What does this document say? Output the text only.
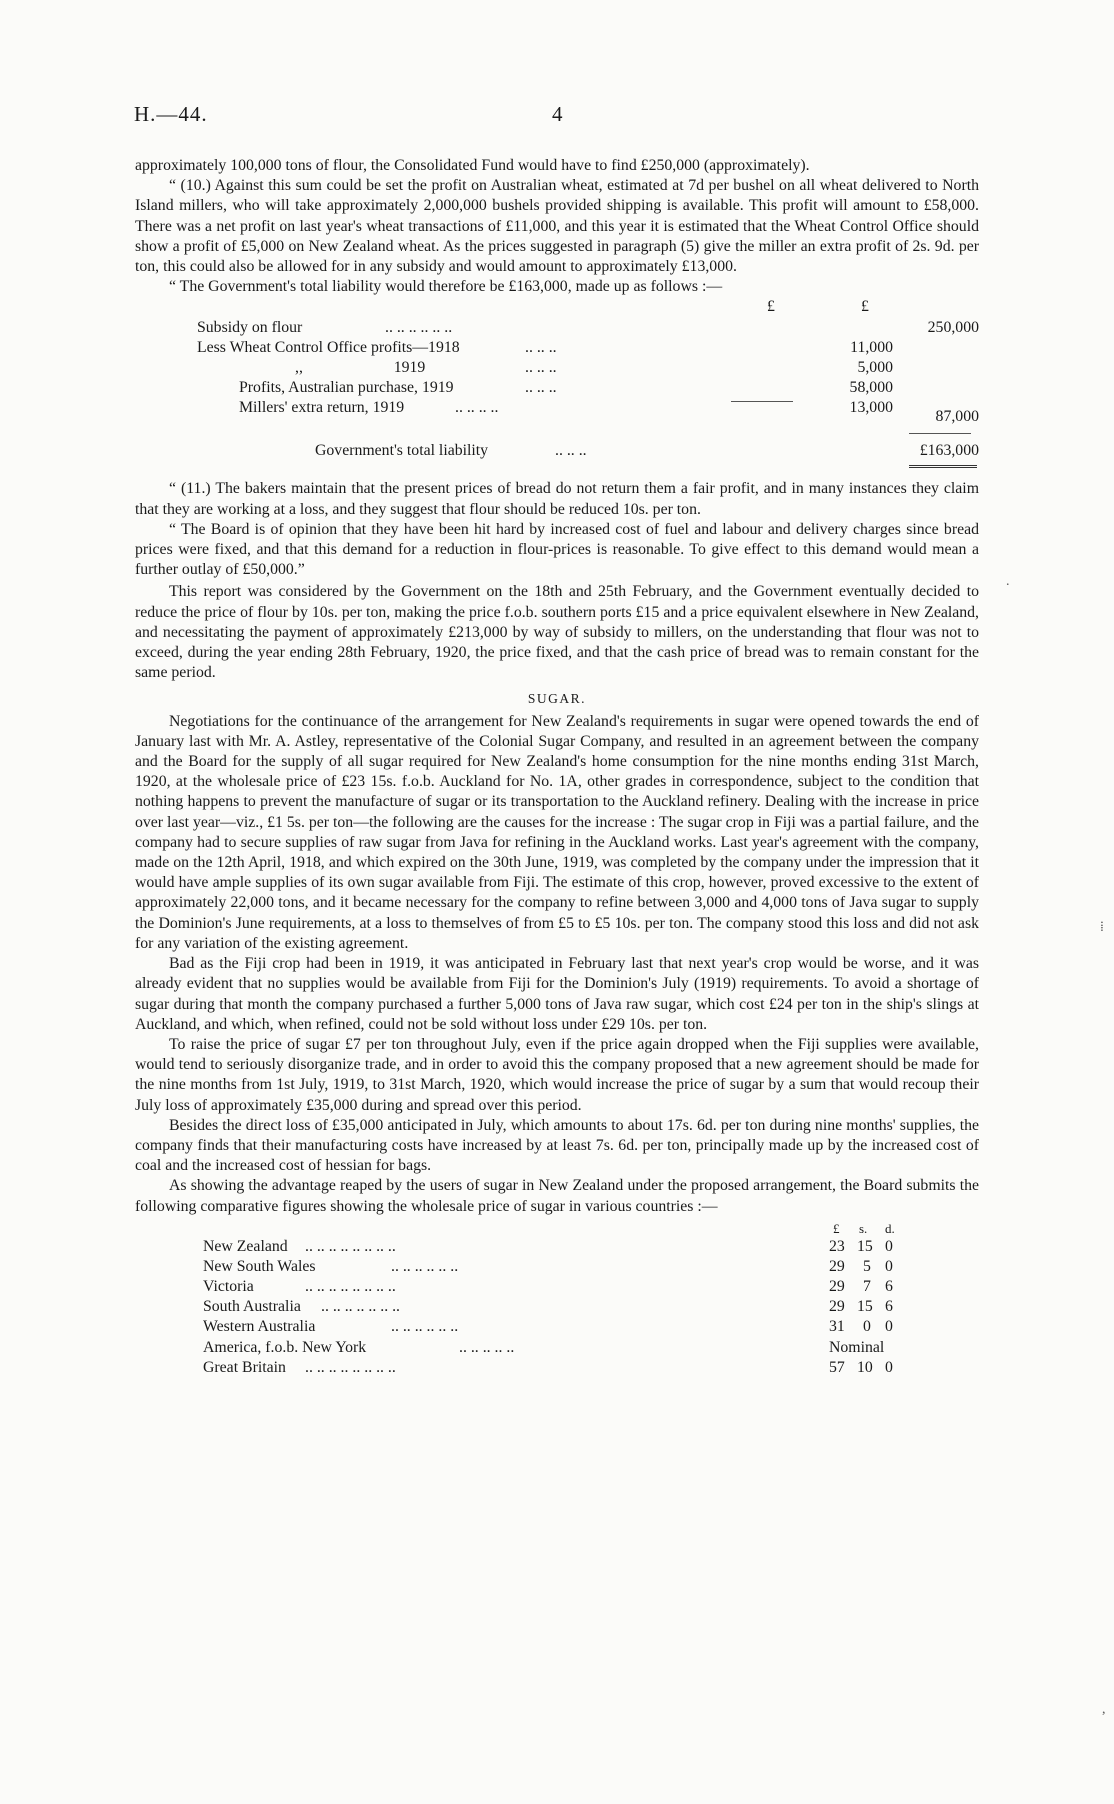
H.—44.	4

approximately 100,000 tons of flour, the Consolidated Fund would have to find £250,000 (approximately).

“ (10.) Against this sum could be set the profit on Australian wheat, estimated at 7d per bushel on all wheat delivered to North Island millers, who will take approximately 2,000,000 bushels provided shipping is available. This profit will amount to £58,000. There was a net profit on last year's wheat transactions of £11,000, and this year it is estimated that the Wheat Control Office should show a profit of £5,000 on New Zealand wheat. As the prices suggested in paragraph (5) give the miller an extra profit of 2s. 9d. per ton, this could also be allowed for in any subsidy and would amount to approximately £13,000.

“ The Government's total liability would therefore be £163,000, made up as follows :—

£	£
Subsidy on flour	.. .. .. .. .. ..	250,000
Less Wheat Control Office profits—1918	.. .. ..	11,000
,,                       1919	.. .. ..	5,000
Profits, Australian purchase, 1919	.. .. ..	58,000
Millers' extra return, 1919	.. .. .. ..	13,000
87,000
Government's total liability	.. .. ..	£163,000

“ (11.) The bakers maintain that the present prices of bread do not return them a fair profit, and in many instances they claim that they are working at a loss, and they suggest that flour should be reduced 10s. per ton.

“ The Board is of opinion that they have been hit hard by increased cost of fuel and labour and delivery charges since bread prices were fixed, and that this demand for a reduction in flour-prices is reasonable. To give effect to this demand would mean a further outlay of £50,000.”

This report was considered by the Government on the 18th and 25th February, and the Government eventually decided to reduce the price of flour by 10s. per ton, making the price f.o.b. southern ports £15 and a price equivalent elsewhere in New Zealand, and necessitating the payment of approximately £213,000 by way of subsidy to millers, on the understanding that flour was not to exceed, during the year ending 28th February, 1920, the price fixed, and that the cash price of bread was to remain constant for the same period.

SUGAR.

Negotiations for the continuance of the arrangement for New Zealand's requirements in sugar were opened towards the end of January last with Mr. A. Astley, representative of the Colonial Sugar Company, and resulted in an agreement between the company and the Board for the supply of all sugar required for New Zealand's home consumption for the nine months ending 31st March, 1920, at the wholesale price of £23 15s. f.o.b. Auckland for No. 1A, other grades in correspondence, subject to the condition that nothing happens to prevent the manufacture of sugar or its transportation to the Auckland refinery. Dealing with the increase in price over last year—viz., £1 5s. per ton—the following are the causes for the increase : The sugar crop in Fiji was a partial failure, and the company had to secure supplies of raw sugar from Java for refining in the Auckland works. Last year's agreement with the company, made on the 12th April, 1918, and which expired on the 30th June, 1919, was completed by the company under the impression that it would have ample supplies of its own sugar available from Fiji. The estimate of this crop, however, proved excessive to the extent of approximately 22,000 tons, and it became necessary for the company to refine between 3,000 and 4,000 tons of Java sugar to supply the Dominion's June requirements, at a loss to themselves of from £5 to £5 10s. per ton. The company stood this loss and did not ask for any variation of the existing agreement.

Bad as the Fiji crop had been in 1919, it was anticipated in February last that next year's crop would be worse, and it was already evident that no supplies would be available from Fiji for the Dominion's July (1919) requirements. To avoid a shortage of sugar during that month the company purchased a further 5,000 tons of Java raw sugar, which cost £24 per ton in the ship's slings at Auckland, and which, when refined, could not be sold without loss under £29 10s. per ton.

To raise the price of sugar £7 per ton throughout July, even if the price again dropped when the Fiji supplies were available, would tend to seriously disorganize trade, and in order to avoid this the company proposed that a new agreement should be made for the nine months from 1st July, 1919, to 31st March, 1920, which would increase the price of sugar by a sum that would recoup their July loss of approximately £35,000 during and spread over this period.

Besides the direct loss of £35,000 anticipated in July, which amounts to about 17s. 6d. per ton during nine months' supplies, the company finds that their manufacturing costs have increased by at least 7s. 6d. per ton, principally made up by the increased cost of coal and the increased cost of hessian for bags.

As showing the advantage reaped by the users of sugar in New Zealand under the proposed arrangement, the Board submits the following comparative figures showing the wholesale price of sugar in various countries :—

£ s. d.
New Zealand .. .. .. .. .. .. .. ..	23 15 0
New South Wales	.. .. .. .. .. ..	29 5 0
Victoria	.. .. .. .. .. .. .. ..	29 7 6
South Australia .. .. .. .. .. .. ..	29 15 6
Western Australia	.. .. .. .. .. ..	31 0 0
America, f.o.b. New York	.. .. .. .. ..	Nominal
Great Britain .. .. .. .. .. .. .. ..	57 10 0
.
⁞
,
